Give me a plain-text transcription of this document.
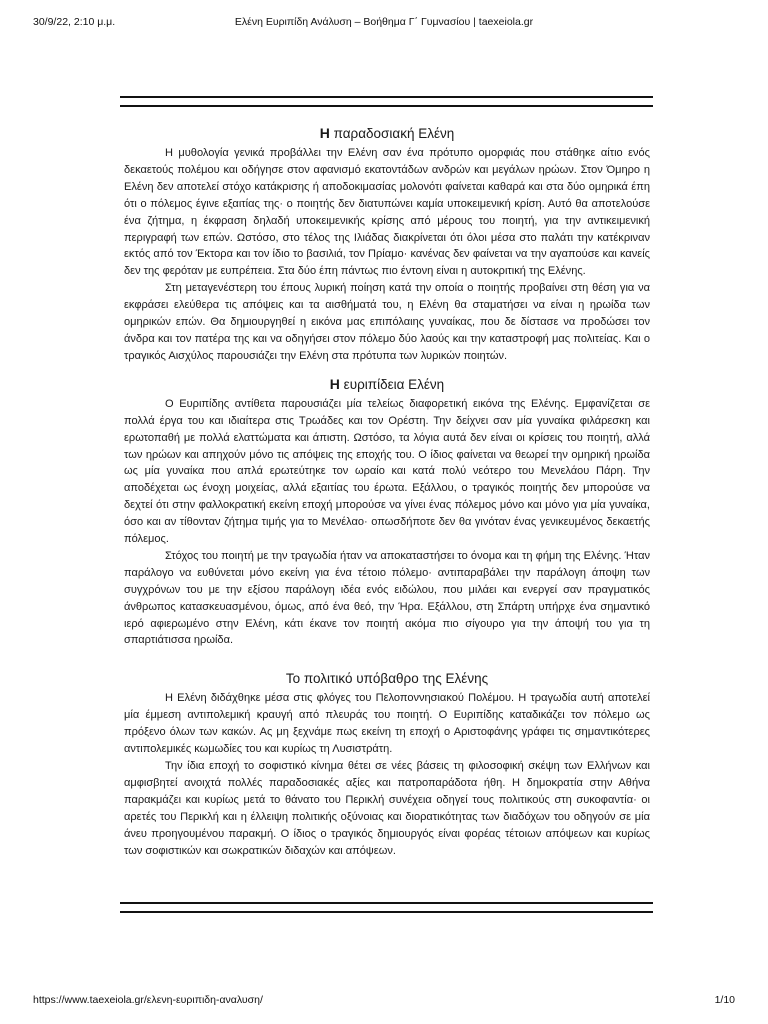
30/9/22, 2:10 μ.μ.	Ελένη Ευριπίδη Ανάλυση – Βοήθημα Γ΄ Γυμνασίου | taexeiola.gr
Η παραδοσιακή Ελένη

Η μυθολογία γενικά προβάλλει την Ελένη σαν ένα πρότυπο ομορφιάς που στάθηκε αίτιο ενός δεκαετούς πολέμου και οδήγησε στον αφανισμό εκατοντάδων ανδρών και μεγάλων ηρώων. Στον Όμηρο η Ελένη δεν αποτελεί στόχο κατάκρισης ή αποδοκιμασίας μολονότι φαίνεται καθαρά και στα δύο ομηρικά έπη ότι ο πόλεμος έγινε εξαιτίας της· ο ποιητής δεν διατυπώνει καμία υποκειμενική κρίση. Αυτό θα αποτελούσε ένα ζήτημα, η έκφραση δηλαδή υποκειμενικής κρίσης από μέρους του ποιητή, για την αντικειμενική περιγραφή των επών. Ωστόσο, στο τέλος της Ιλιάδας διακρίνεται ότι όλοι μέσα στο παλάτι την κατέκριναν εκτός από τον Έκτορα και τον ίδιο το βασιλιά, τον Πρίαμο· κανένας δεν φαίνεται να την αγαπούσε και κανείς δεν της φερόταν με ευπρέπεια. Στα δύο έπη πάντως πιο έντονη είναι η αυτοκριτική της Ελένης.

Στη μεταγενέστερη του έπους λυρική ποίηση κατά την οποία ο ποιητής προβαίνει στη θέση για να εκφράσει ελεύθερα τις απόψεις και τα αισθήματά του, η Ελένη θα σταματήσει να είναι η ηρωίδα των ομηρικών επών. Θα δημιουργηθεί η εικόνα μας επιπόλαιης γυναίκας, που δε δίστασε να προδώσει τον άνδρα και τον πατέρα της και να οδηγήσει στον πόλεμο δύο λαούς και την καταστροφή μας πολιτείας. Και ο τραγικός Αισχύλος παρουσιάζει την Ελένη στα πρότυπα των λυρικών ποιητών.

Η ευριπίδεια Ελένη

Ο Ευριπίδης αντίθετα παρουσιάζει μία τελείως διαφορετική εικόνα της Ελένης. Εμφανίζεται σε πολλά έργα του και ιδιαίτερα στις Τρωάδες και τον Ορέστη. Την δείχνει σαν μία γυναίκα φιλάρεσκη και ερωτοπαθή με πολλά ελαττώματα και άπιστη. Ωστόσο, τα λόγια αυτά δεν είναι οι κρίσεις του ποιητή, αλλά των ηρώων και απηχούν μόνο τις απόψεις της εποχής του. Ο ίδιος φαίνεται να θεωρεί την ομηρική ηρωίδα ως μία γυναίκα που απλά ερωτεύτηκε τον ωραίο και κατά πολύ νεότερο του Μενελάου Πάρη. Την αποδέχεται ως ένοχη μοιχείας, αλλά εξαιτίας του έρωτα. Εξάλλου, ο τραγικός ποιητής δεν μπορούσε να δεχτεί ότι στην φαλλοκρατική εκείνη εποχή μπορούσε να γίνει ένας πόλεμος μόνο και μόνο για μία γυναίκα, όσο και αν τίθονταν ζήτημα τιμής για το Μενέλαο· οπωσδήποτε δεν θα γινόταν ένας γενικευμένος δεκαετής πόλεμος.

Στόχος του ποιητή με την τραγωδία ήταν να αποκαταστήσει το όνομα και τη φήμη της Ελένης. Ήταν παράλογο να ευθύνεται μόνο εκείνη για ένα τέτοιο πόλεμο· αντιπαραβάλει την παράλογη άποψη των συγχρόνων του με την εξίσου παράλογη ιδέα ενός ειδώλου, που μιλάει και ενεργεί σαν πραγματικός άνθρωπος κατασκευασμένου, όμως, από ένα θεό, την Ήρα. Εξάλλου, στη Σπάρτη υπήρχε ένα σημαντικό ιερό αφιερωμένο στην Ελένη, κάτι έκανε τον ποιητή ακόμα πιο σίγουρο για την άποψή του για τη σπαρτιάτισσα ηρωίδα.

Το πολιτικό υπόβαθρο της Ελένης

Η Ελένη διδάχθηκε μέσα στις φλόγες του Πελοποννησιακού Πολέμου. Η τραγωδία αυτή αποτελεί μία έμμεση αντιπολεμική κραυγή από πλευράς του ποιητή. Ο Ευριπίδης καταδικάζει τον πόλεμο ως πρόξενο όλων των κακών. Ας μη ξεχνάμε πως εκείνη τη εποχή ο Αριστοφάνης γράφει τις σημαντικότερες αντιπολεμικές κωμωδίες του και κυρίως τη Λυσιστράτη.

Την ίδια εποχή το σοφιστικό κίνημα θέτει σε νέες βάσεις τη φιλοσοφική σκέψη των Ελλήνων και αμφισβητεί ανοιχτά πολλές παραδοσιακές αξίες και πατροπαράδοτα ήθη. Η δημοκρατία στην Αθήνα παρακμάζει και κυρίως μετά το θάνατο του Περικλή συνέχεια οδηγεί τους πολιτικούς στη συκοφαντία· οι αρετές του Περικλή και η έλλειψη πολιτικής οξύνοιας και διορατικότητας των διαδόχων του οδηγούν σε μία άνευ προηγουμένου παρακμή. Ο ίδιος ο τραγικός δημιουργός είναι φορέας τέτοιων απόψεων και κυρίως των σοφιστικών και σωκρατικών διδαχών και απόψεων.

https://www.taexeiola.gr/ελενη-ευριπιδη-αναλυση/	1/10
